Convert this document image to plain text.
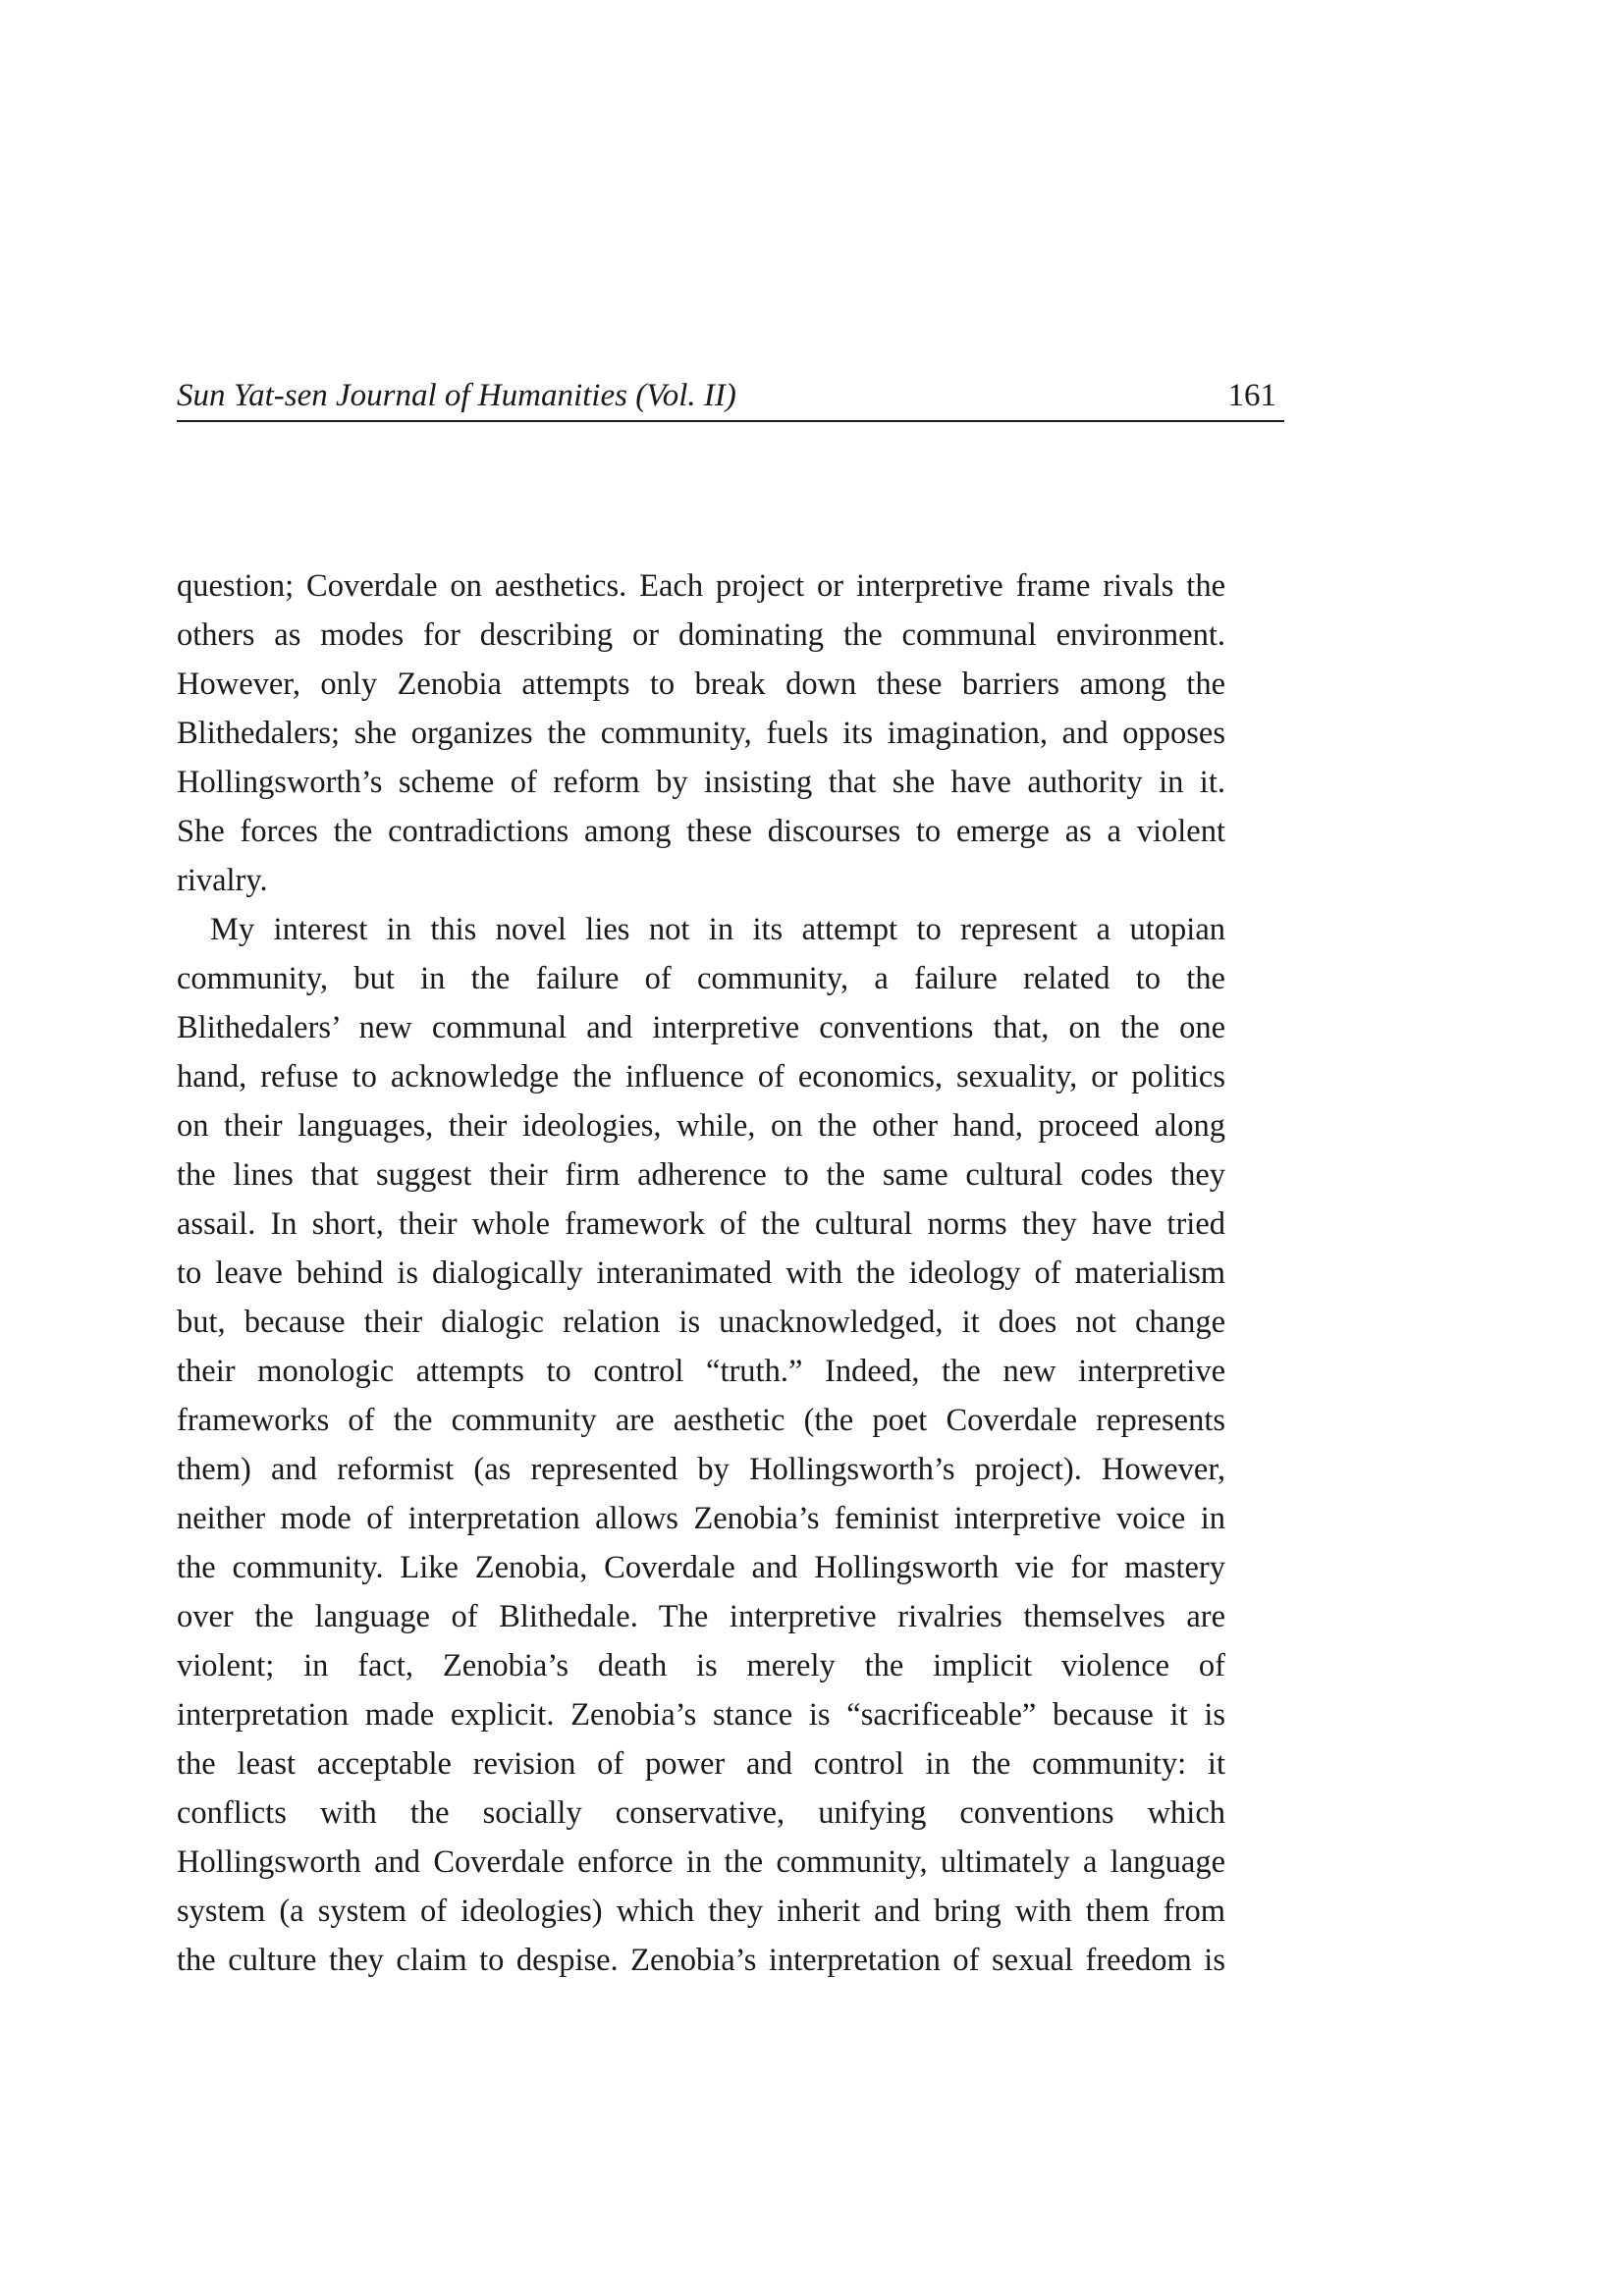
Sun Yat-sen Journal of Humanities (Vol. II)	161
question; Coverdale on aesthetics. Each project or interpretive frame rivals the
others as modes for describing or dominating the communal environment.
However, only Zenobia attempts to break down these barriers among the
Blithedalers; she organizes the community, fuels its imagination, and opposes
Hollingsworth’s scheme of reform by insisting that she have authority in it.
She forces the contradictions among these discourses to emerge as a violent
rivalry.
My interest in this novel lies not in its attempt to represent a utopian
community, but in the failure of community, a failure related to the
Blithedalers’ new communal and interpretive conventions that, on the one
hand, refuse to acknowledge the influence of economics, sexuality, or politics
on their languages, their ideologies, while, on the other hand, proceed along
the lines that suggest their firm adherence to the same cultural codes they
assail. In short, their whole framework of the cultural norms they have tried
to leave behind is dialogically interanimated with the ideology of materialism
but, because their dialogic relation is unacknowledged, it does not change
their monologic attempts to control “truth.” Indeed, the new interpretive
frameworks of the community are aesthetic (the poet Coverdale represents
them) and reformist (as represented by Hollingsworth’s project). However,
neither mode of interpretation allows Zenobia’s feminist interpretive voice in
the community. Like Zenobia, Coverdale and Hollingsworth vie for mastery
over the language of Blithedale. The interpretive rivalries themselves are
violent; in fact, Zenobia’s death is merely the implicit violence of
interpretation made explicit. Zenobia’s stance is “sacrificeable” because it is
the least acceptable revision of power and control in the community: it
conflicts with the socially conservative, unifying conventions which
Hollingsworth and Coverdale enforce in the community, ultimately a language
system (a system of ideologies) which they inherit and bring with them from
the culture they claim to despise. Zenobia’s interpretation of sexual freedom is
